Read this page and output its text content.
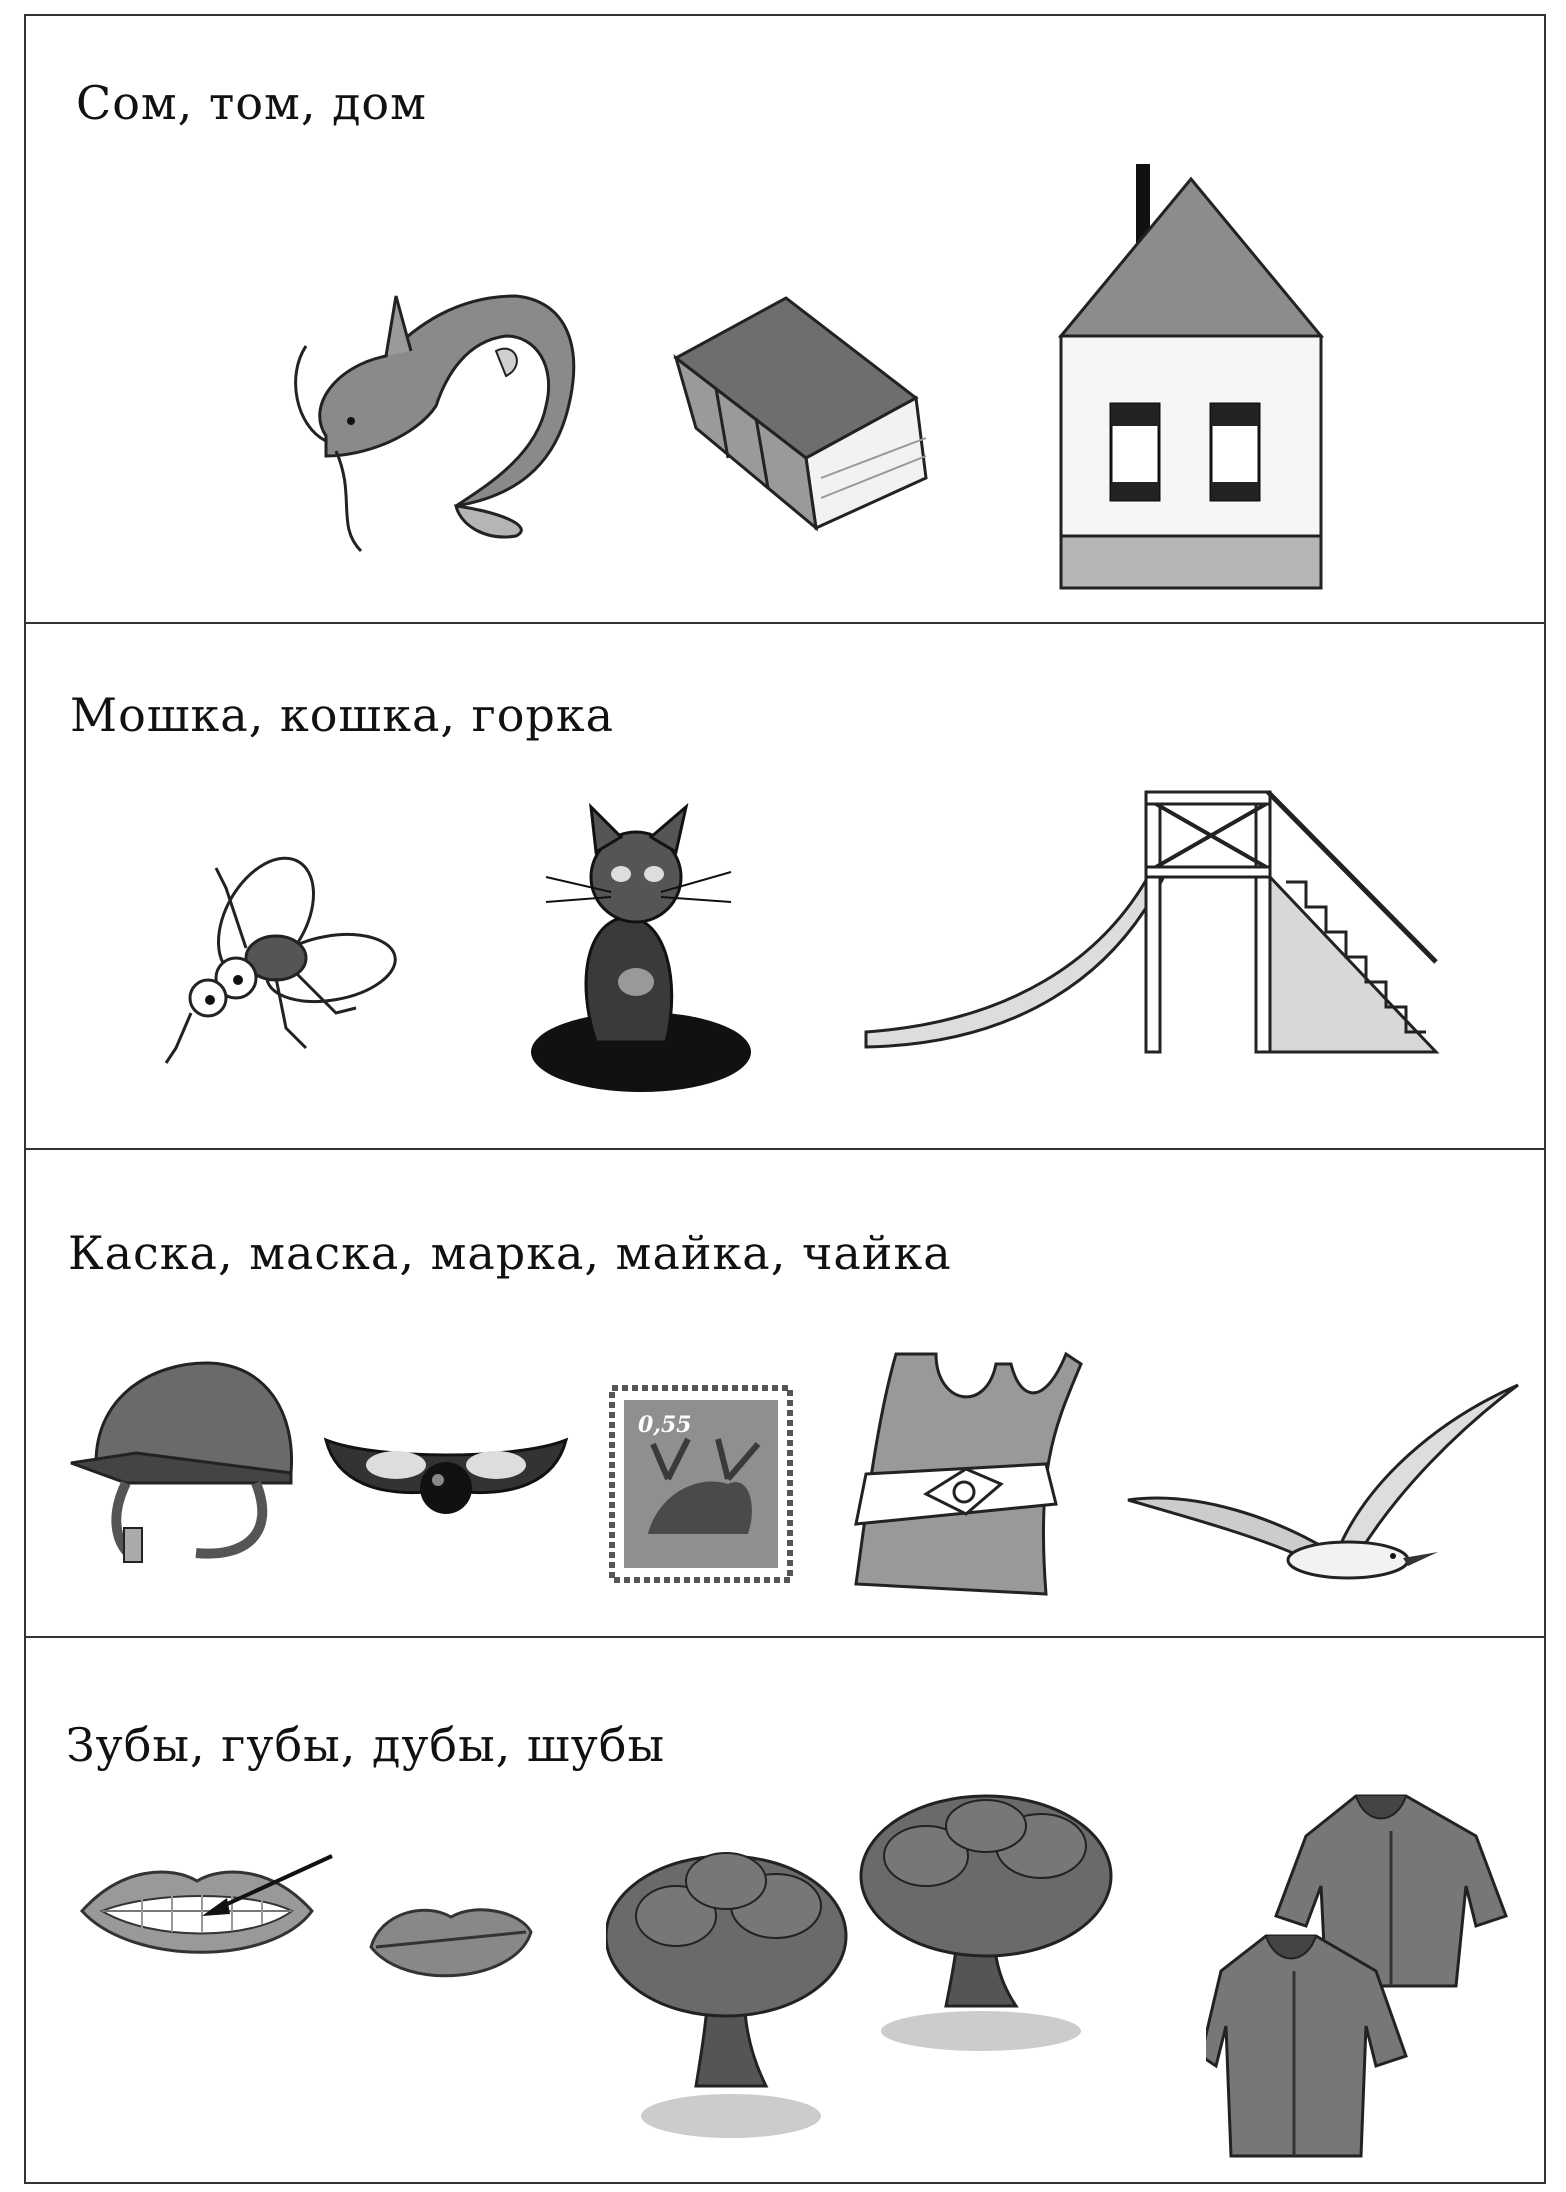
Сом, том, дом
Мошка, кошка, горка
Каска, маска, марка, майка, чайка
0,55
Зубы, губы, дубы, шубы
